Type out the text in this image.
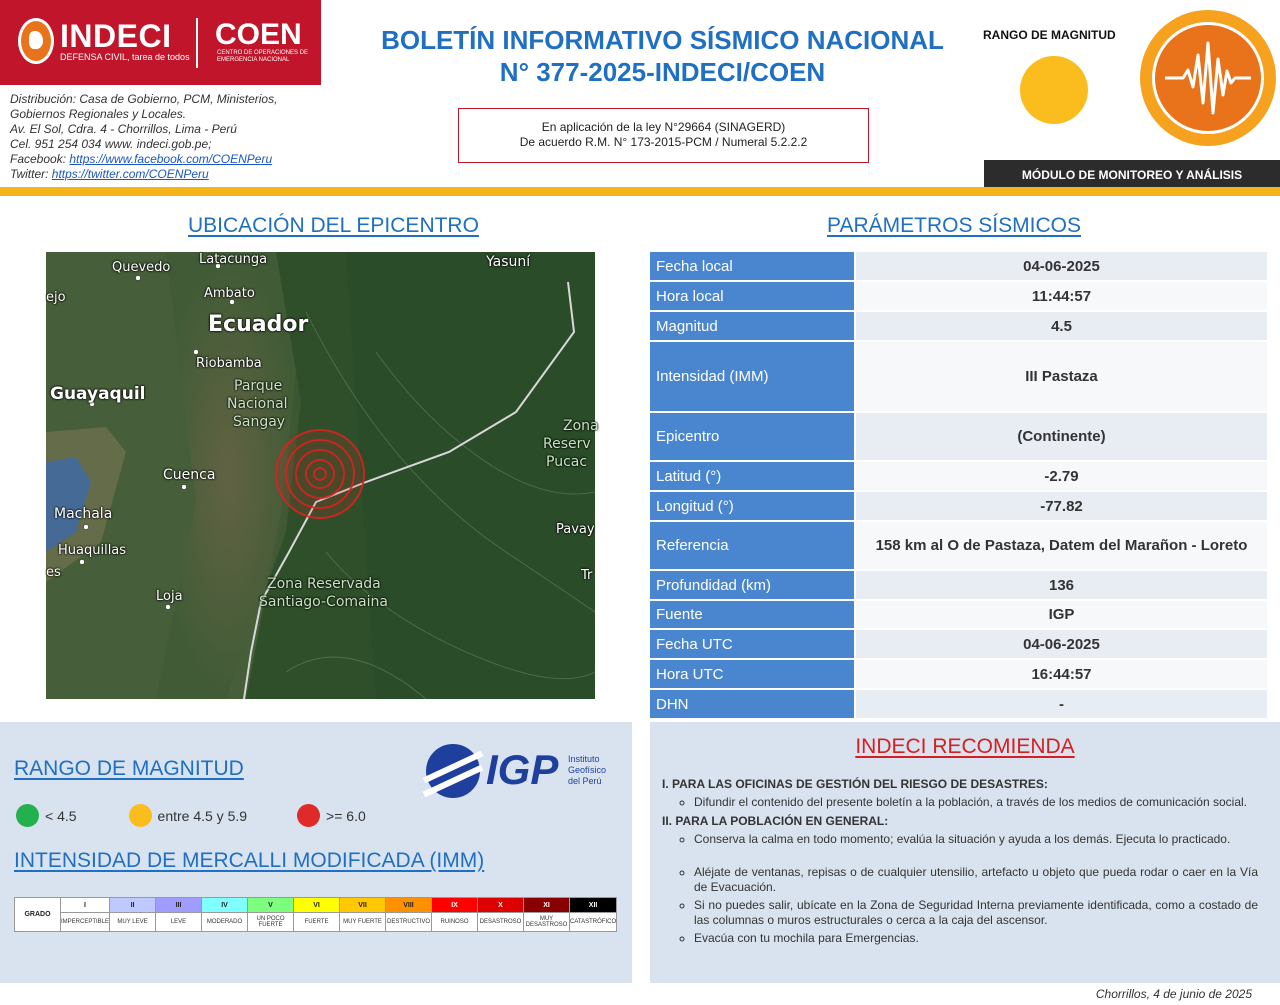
INDECI
DEFENSA CIVIL, tarea de todos
COEN
CENTRO DE OPERACIONES DE EMERGENCIA NACIONAL
Distribución: Casa de Gobierno, PCM, Ministerios,
Gobiernos Regionales y Locales.
Av. El Sol, Cdra. 4 - Chorrillos, Lima - Perú
Cel. 951 254 034 www. indeci.gob.pe;
Facebook: https://www.facebook.com/COENPeru
Twitter: https://twitter.com/COENPeru
BOLETÍN INFORMATIVO SÍSMICO NACIONAL
N° 377-2025-INDECI/COEN
En aplicación de la ley N°29664 (SINAGERD)
De acuerdo R.M. N° 173-2015-PCM / Numeral 5.2.2.2
RANGO DE MAGNITUD
MÓDULO DE MONITOREO Y ANÁLISIS
UBICACIÓN DEL EPICENTRO
Quevedo
Latacunga	Yasuní
Ambato
Ecuador
Riobamba
Guayaquil	Parque
Nacional
Sangay
Cuenca
Machala
Huaquillas
Zona Reservada
Santiago-Comaina
Loja
Zona
Reserv
Pucac
Pavay
ejo
es	Tr
PARÁMETROS SÍSMICOS
Fecha local	04-06-2025
Hora local	11:44:57
Magnitud	4.5
Intensidad (IMM)	III Pastaza
Epicentro	(Continente)
Latitud (°)	-2.79
Longitud (°)	-77.82
Referencia	158 km al O de Pastaza, Datem del Marañon - Loreto
Profundidad (km)	136
Fuente	IGP
Fecha UTC	04-06-2025
Hora UTC	16:44:57
DHN	-
RANGO DE MAGNITUD	IGP Instituto
Geofísico
del Perú
< 4.5	entre 4.5 y 5.9	>= 6.0
INTENSIDAD DE MERCALLI MODIFICADA (IMM)
GRADO	I	II	III	IV	V	VI	VII	VIII	IX	X	XI	XII
	IMPERCEPTIBLE	MUY LEVE	LEVE	MODERADO	UN POCO FUERTE	FUERTE	MUY FUERTE	DESTRUCTIVO	RUINOSO	DESASTROSO	MUY DESASTROSO	CATASTRÓFICO
INDECI RECOMIENDA
I. PARA LAS OFICINAS DE GESTIÓN DEL RIESGO DE DESASTRES:
◦ Difundir el contenido del presente boletín a la población, a través de los medios de comunicación social.
II. PARA LA POBLACIÓN EN GENERAL:
◦ Conserva la calma en todo momento; evalúa la situación y ayuda a los demás. Ejecuta lo practicado.
◦ Aléjate de ventanas, repisas o de cualquier utensilio, artefacto u objeto que pueda rodar o caer en la Vía de Evacuación.
◦ Si no puedes salir, ubícate en la Zona de Seguridad Interna previamente identificada, como a costado de las columnas o muros estructurales o cerca a la caja del ascensor.
◦ Evacúa con tu mochila para Emergencias.
Chorrillos, 4 de junio de 2025
